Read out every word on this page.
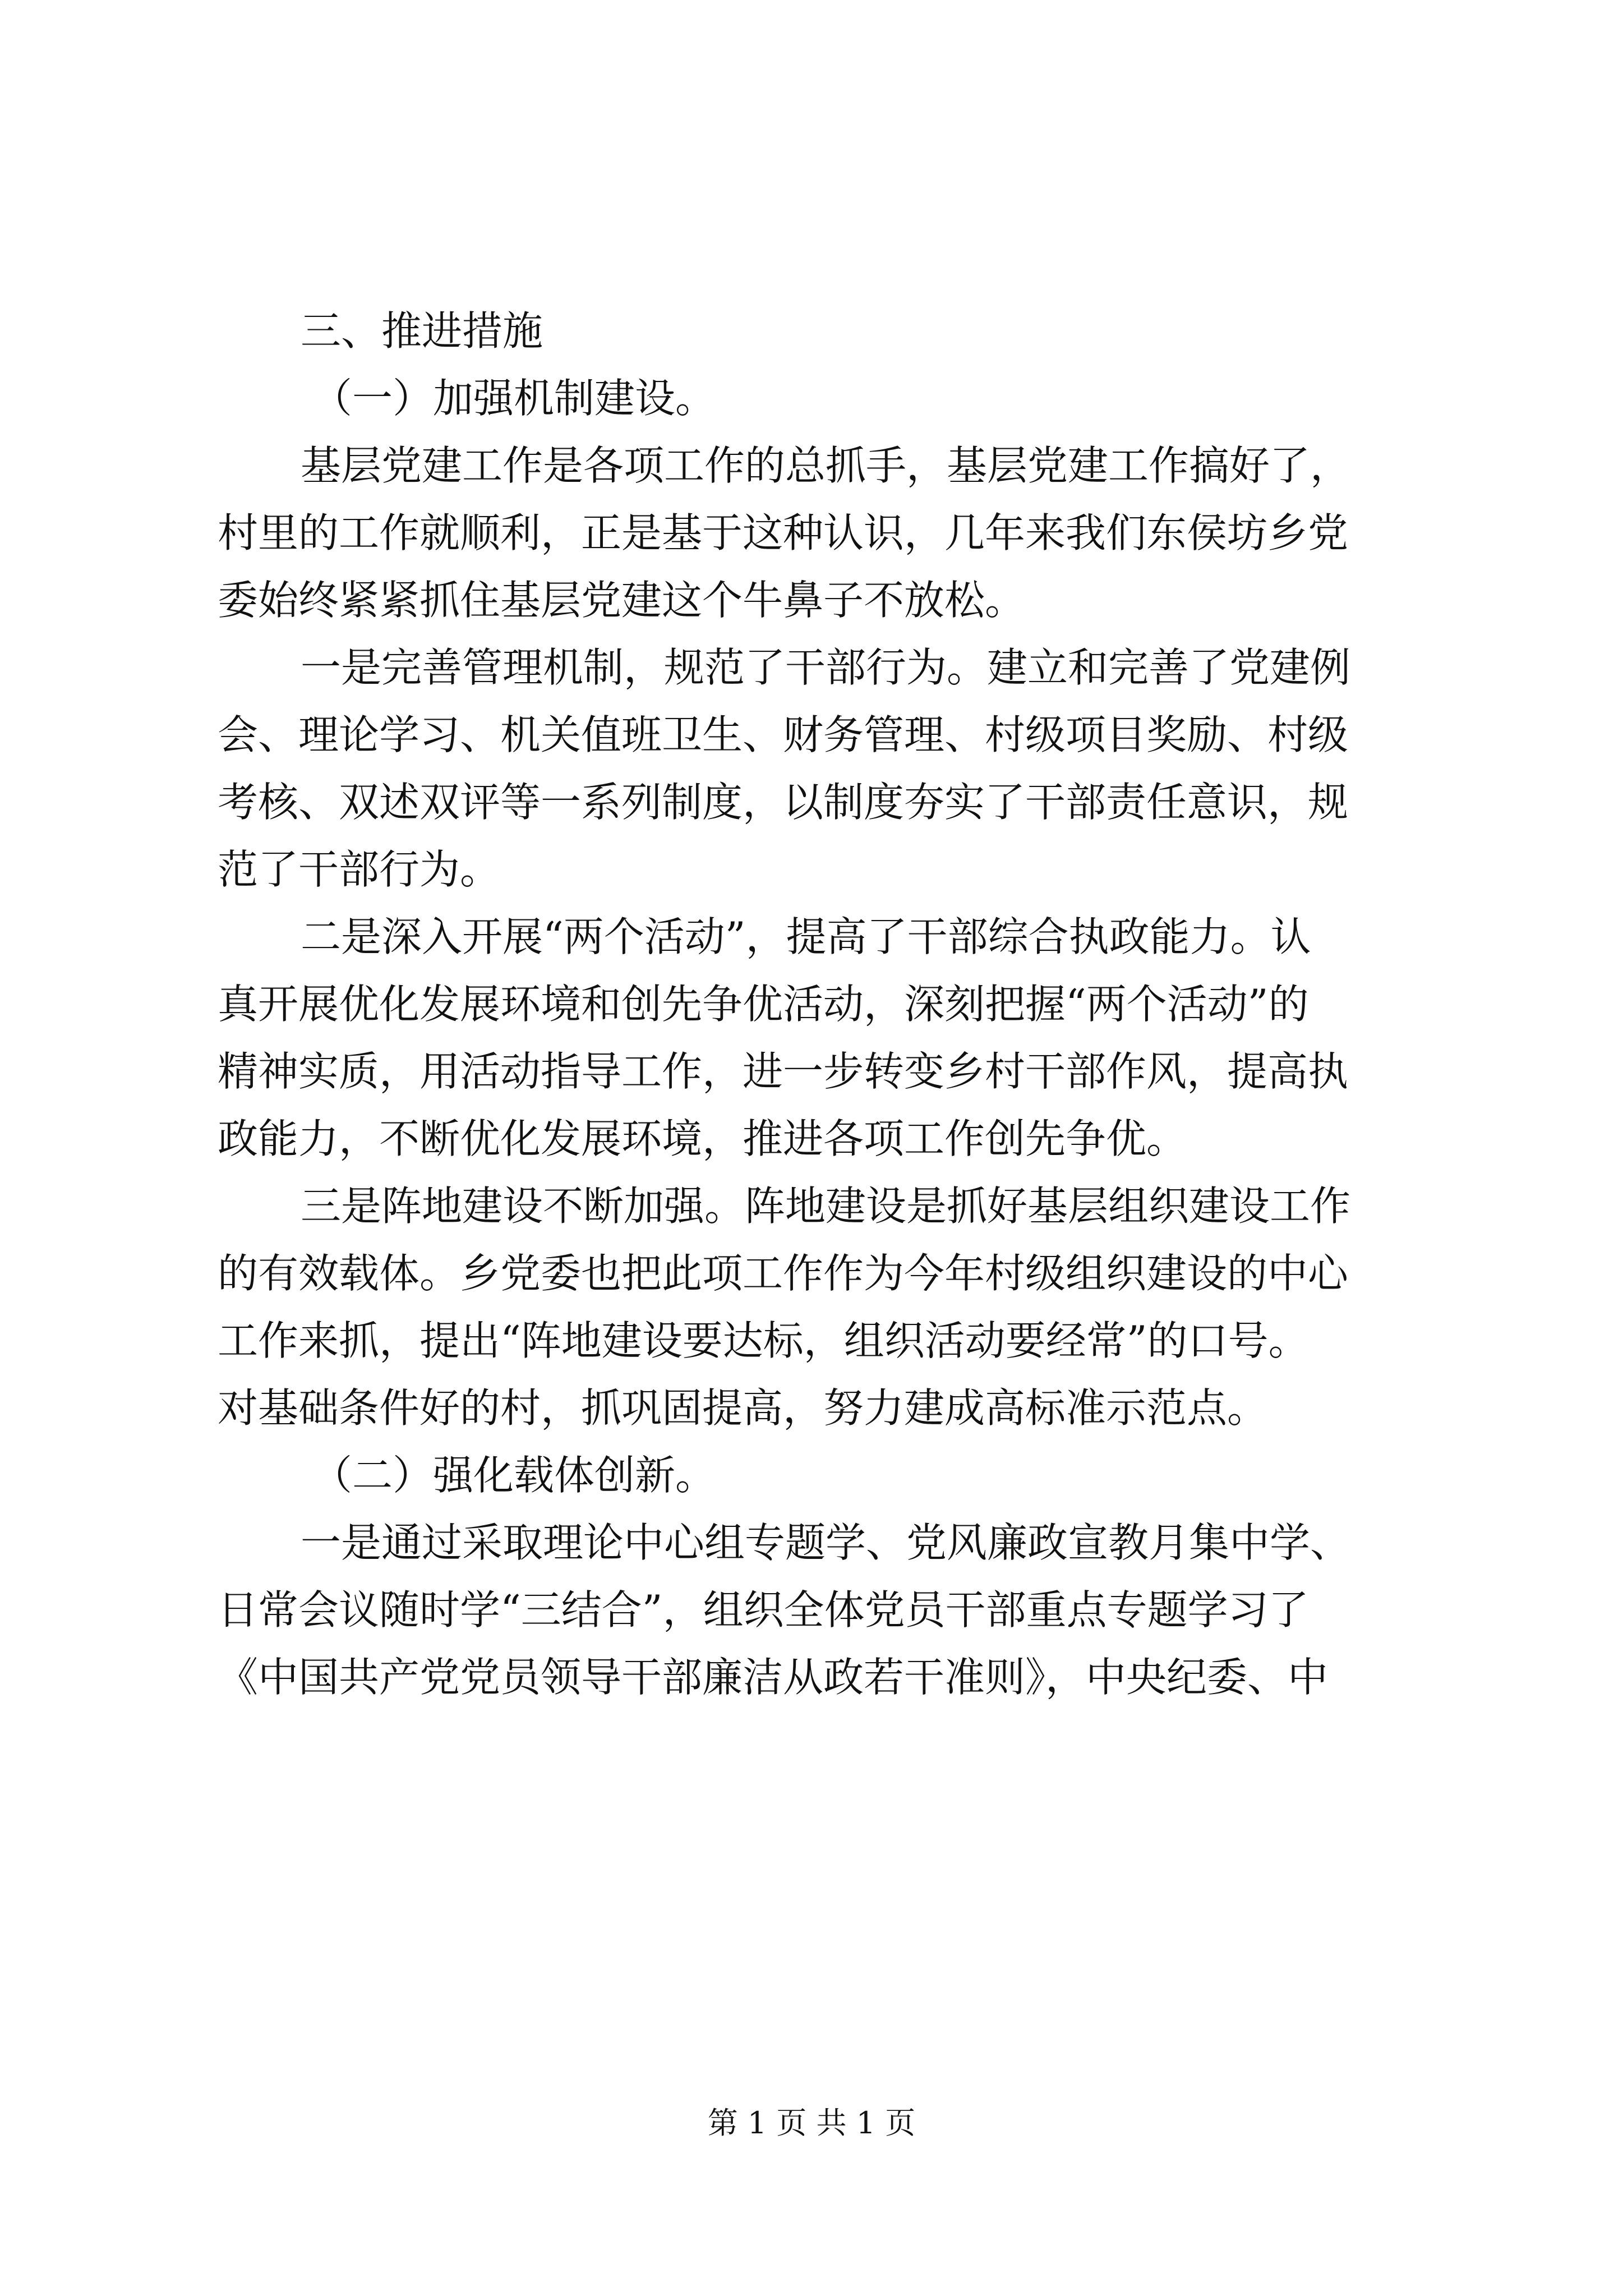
三、推进措施
（一）加强机制建设。
基层党建工作是各项工作的总抓手，基层党建工作搞好了，
村里的工作就顺利，正是基于这种认识，几年来我们东侯坊乡党
委始终紧紧抓住基层党建这个牛鼻子不放松。
一是完善管理机制，规范了干部行为。建立和完善了党建例
会、理论学习、机关值班卫生、财务管理、村级项目奖励、村级
考核、双述双评等一系列制度，以制度夯实了干部责任意识，规
范了干部行为。
二是深入开展“两个活动”，提高了干部综合执政能力。认
真开展优化发展环境和创先争优活动，深刻把握“两个活动”的
精神实质，用活动指导工作，进一步转变乡村干部作风，提高执
政能力，不断优化发展环境，推进各项工作创先争优。
三是阵地建设不断加强。阵地建设是抓好基层组织建设工作
的有效载体。乡党委也把此项工作作为今年村级组织建设的中心
工作来抓，提出“阵地建设要达标，组织活动要经常”的口号。
对基础条件好的村，抓巩固提高，努力建成高标准示范点。
（二）强化载体创新。
一是通过采取理论中心组专题学、党风廉政宣教月集中学、
日常会议随时学“三结合”，组织全体党员干部重点专题学习了
《中国共产党党员领导干部廉洁从政若干准则》，中央纪委、中
第 1 页 共 1 页
